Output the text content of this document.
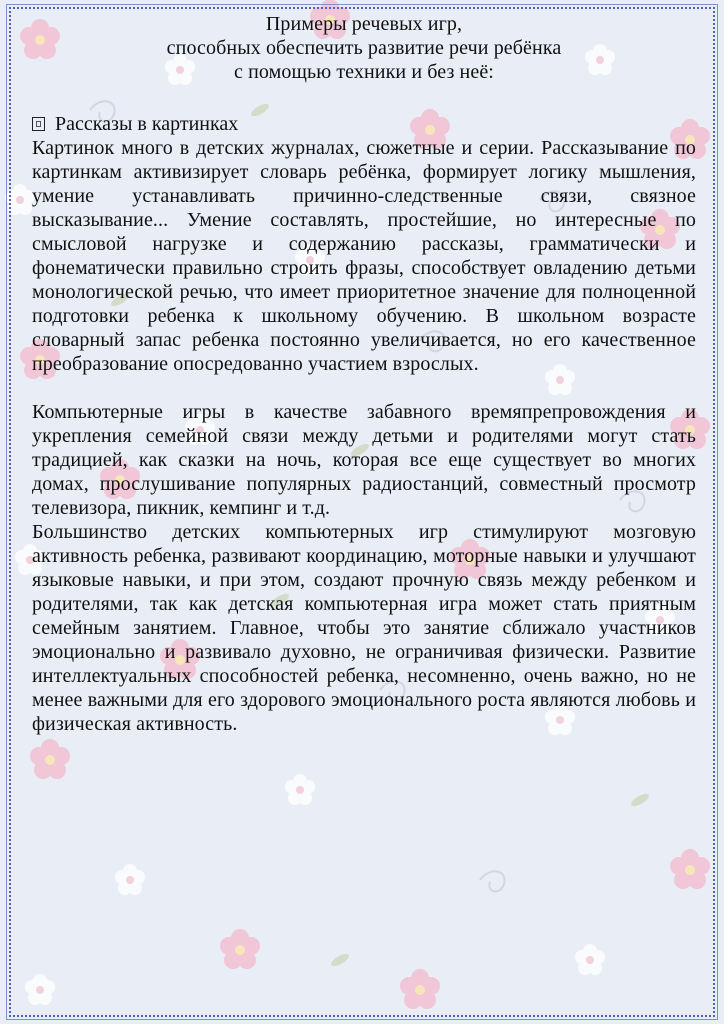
Примеры речевых игр,
способных обеспечить развитие речи ребёнка
с помощью техники и без неё:
Рассказы в картинках

Картинок много в детских журналах, сюжетные и серии. Рассказывание по картинкам активизирует словарь ребёнка, формирует логику мышления, умение устанавливать причинно-следственные связи, связное высказывание... Умение составлять, простейшие, но интересные по смысловой нагрузке и содержанию рассказы, грамматически и фонематически правильно строить фразы, способствует овладению детьми монологической речью, что имеет приоритетное значение для полноценной подготовки ребенка к школьному обучению. В школьном возрасте словарный запас ребенка постоянно увеличивается, но его качественное преобразование опосредованно участием взрослых.

Компьютерные игры в качестве забавного времяпрепровождения и укрепления семейной связи между детьми и родителями могут стать традицией, как сказки на ночь, которая все еще существует во многих домах, прослушивание популярных радиостанций, совместный просмотр телевизора, пикник, кемпинг и т.д.

Большинство детских компьютерных игр стимулируют мозговую активность ребенка, развивают координацию, моторные навыки и улучшают языковые навыки, и при этом, создают прочную связь между ребенком и родителями, так как детская компьютерная игра может стать приятным семейным занятием. Главное, чтобы это занятие сближало участников эмоционально и развивало духовно, не ограничивая физически. Развитие интеллектуальных способностей ребенка, несомненно, очень важно, но не менее важными для его здорового эмоционального роста являются любовь и физическая активность.
